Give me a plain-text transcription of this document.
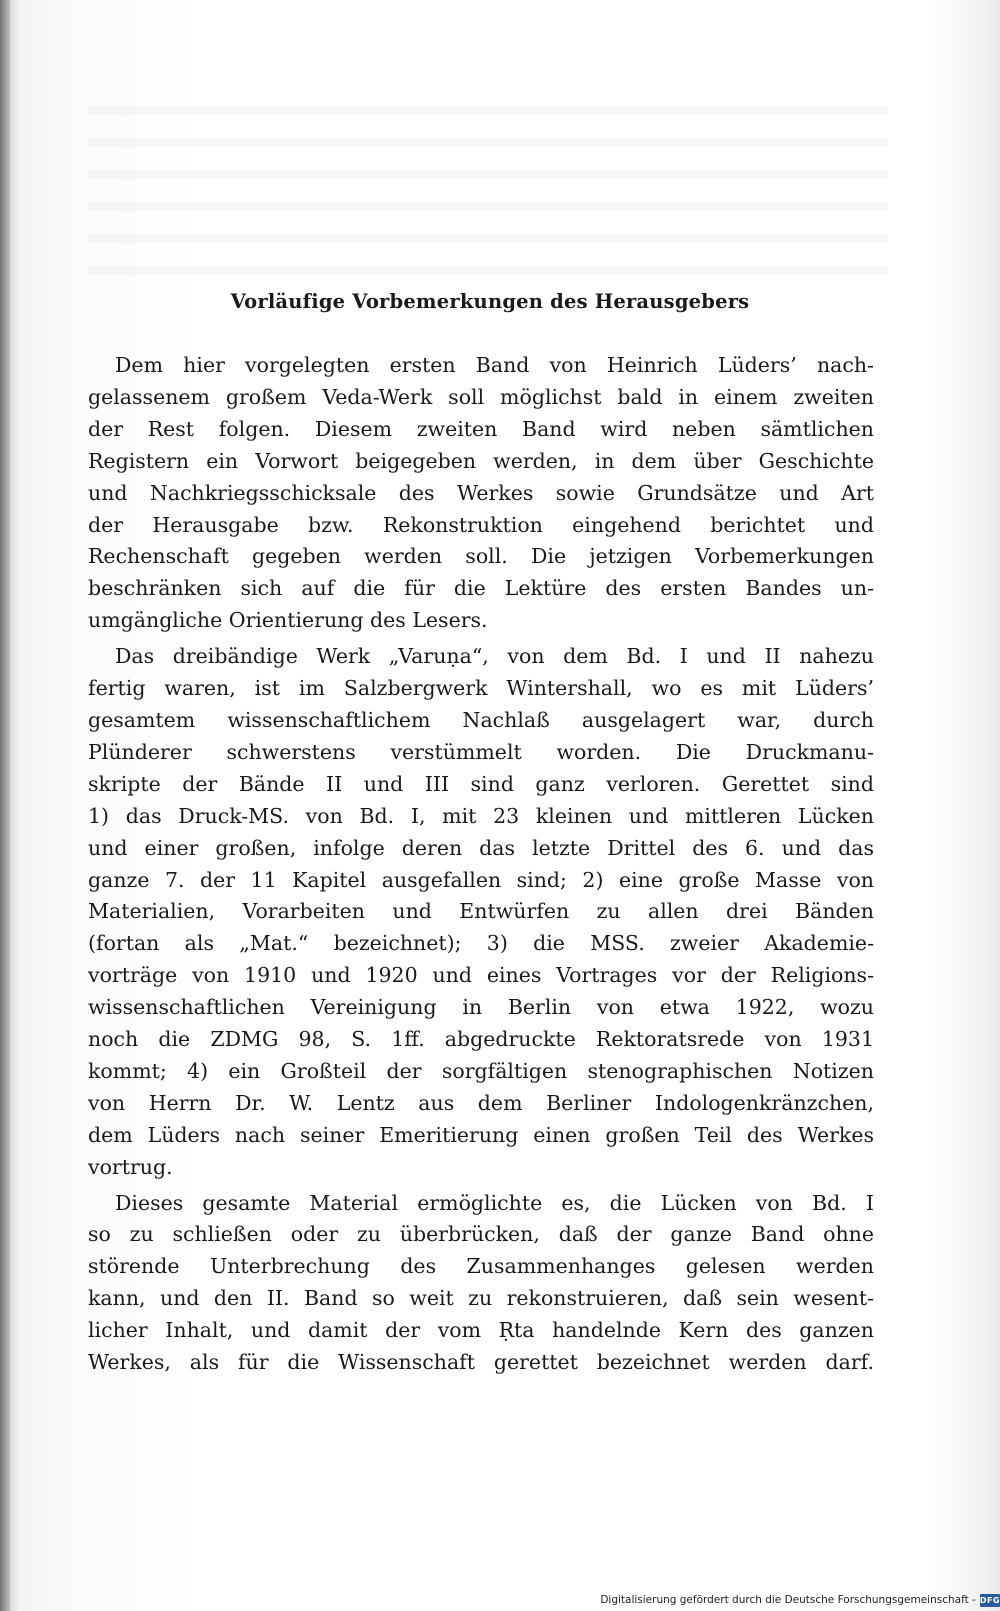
Vorläufige Vorbemerkungen des Herausgebers

Dem hier vorgelegten ersten Band von Heinrich Lüders’ nach-
gelassenem großem Veda-Werk soll möglichst bald in einem zweiten
der Rest folgen. Diesem zweiten Band wird neben sämtlichen
Registern ein Vorwort beigegeben werden, in dem über Geschichte
und Nachkriegsschicksale des Werkes sowie Grundsätze und Art
der Herausgabe bzw. Rekonstruktion eingehend berichtet und
Rechenschaft gegeben werden soll. Die jetzigen Vorbemerkungen
beschränken sich auf die für die Lektüre des ersten Bandes un-
umgängliche Orientierung des Lesers.

Das dreibändige Werk „Varuṇa“, von dem Bd. I und II nahezu
fertig waren, ist im Salzbergwerk Wintershall, wo es mit Lüders’
gesamtem wissenschaftlichem Nachlaß ausgelagert war, durch
Plünderer schwerstens verstümmelt worden. Die Druckmanu-
skripte der Bände II und III sind ganz verloren. Gerettet sind
1) das Druck-MS. von Bd. I, mit 23 kleinen und mittleren Lücken
und einer großen, infolge deren das letzte Drittel des 6. und das
ganze 7. der 11 Kapitel ausgefallen sind; 2) eine große Masse von
Materialien, Vorarbeiten und Entwürfen zu allen drei Bänden
(fortan als „Mat.“ bezeichnet); 3) die MSS. zweier Akademie-
vorträge von 1910 und 1920 und eines Vortrages vor der Religions-
wissenschaftlichen Vereinigung in Berlin von etwa 1922, wozu
noch die ZDMG 98, S. 1ff. abgedruckte Rektoratsrede von 1931
kommt; 4) ein Großteil der sorgfältigen stenographischen Notizen
von Herrn Dr. W. Lentz aus dem Berliner Indologenkränzchen,
dem Lüders nach seiner Emeritierung einen großen Teil des Werkes
vortrug.

Dieses gesamte Material ermöglichte es, die Lücken von Bd. I
so zu schließen oder zu überbrücken, daß der ganze Band ohne
störende Unterbrechung des Zusammenhanges gelesen werden
kann, und den II. Band so weit zu rekonstruieren, daß sein wesent-
licher Inhalt, und damit der vom Ṛta handelnde Kern des ganzen
Werkes, als für die Wissenschaft gerettet bezeichnet werden darf.

Digitalisierung gefördert durch die Deutsche Forschungsgemeinschaft - DFG
